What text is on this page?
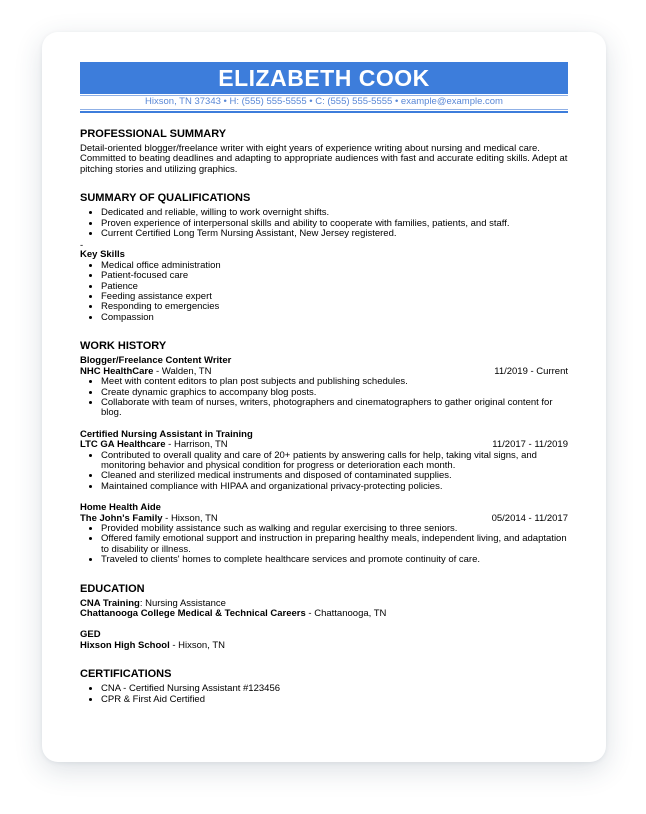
ELIZABETH COOK
Hixson, TN 37343 • H: (555) 555-5555 • C: (555) 555-5555 • example@example.com
PROFESSIONAL SUMMARY

Detail-oriented blogger/freelance writer with eight years of experience writing about nursing and medical care. Committed to beating deadlines and adapting to appropriate audiences with fast and accurate editing skills. Adept at pitching stories and utilizing graphics.

SUMMARY OF QUALIFICATIONS
• Dedicated and reliable, willing to work overnight shifts.
• Proven experience of interpersonal skills and ability to cooperate with families, patients, and staff.
• Current Certified Long Term Nursing Assistant, New Jersey registered.
-
Key Skills
• Medical office administration
• Patient-focused care
• Patience
• Feeding assistance expert
• Responding to emergencies
• Compassion
WORK HISTORY
Blogger/Freelance Content Writer
NHC HealthCare - Walden, TN	11/2019 - Current
• Meet with content editors to plan post subjects and publishing schedules.
• Create dynamic graphics to accompany blog posts.
• Collaborate with team of nurses, writers, photographers and cinematographers to gather original content for blog.
Certified Nursing Assistant in Training
LTC GA Healthcare - Harrison, TN	11/2017 - 11/2019
• Contributed to overall quality and care of 20+ patients by answering calls for help, taking vital signs, and monitoring behavior and physical condition for progress or deterioration each month.
• Cleaned and sterilized medical instruments and disposed of contaminated supplies.
• Maintained compliance with HIPAA and organizational privacy-protecting policies.
Home Health Aide
The John's Family - Hixson, TN	05/2014 - 11/2017
• Provided mobility assistance such as walking and regular exercising to three seniors.
• Offered family emotional support and instruction in preparing healthy meals, independent living, and adaptation to disability or illness.
• Traveled to clients' homes to complete healthcare services and promote continuity of care.
EDUCATION
CNA Training: Nursing Assistance
Chattanooga College Medical & Technical Careers - Chattanooga, TN
GED
Hixson High School - Hixson, TN
CERTIFICATIONS
• CNA - Certified Nursing Assistant #123456
• CPR & First Aid Certified
